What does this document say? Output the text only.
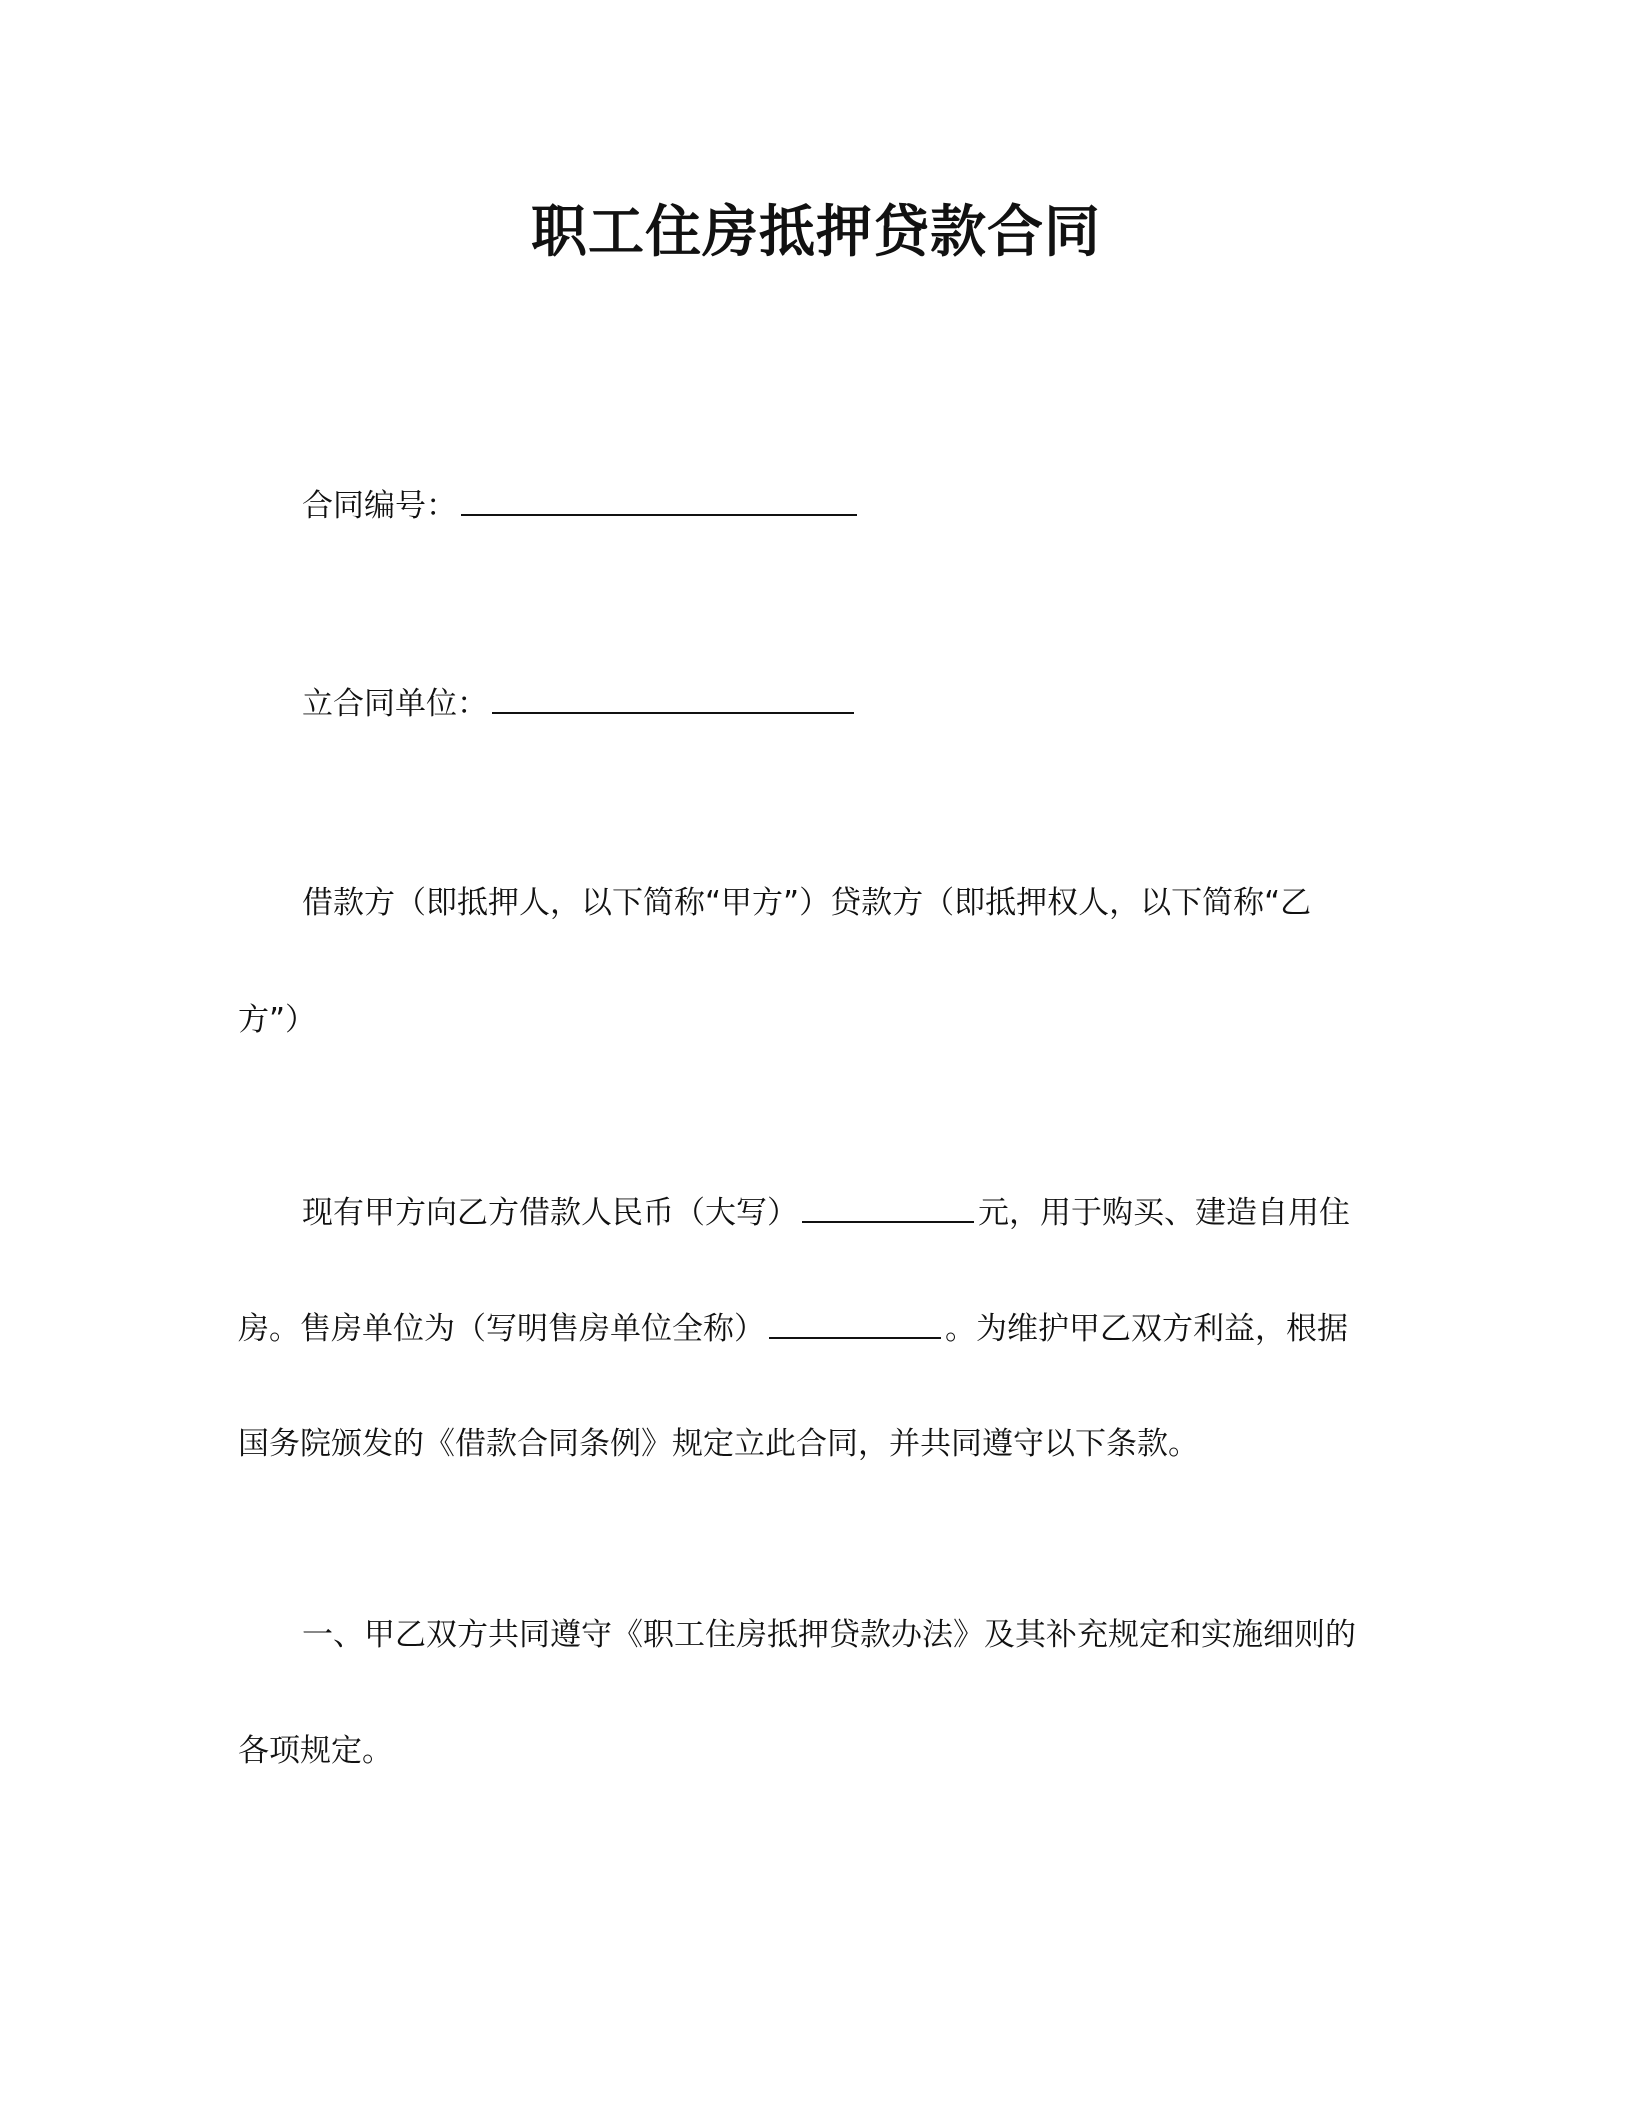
职工住房抵押贷款合同
合同编号：
立合同单位：
借款方（即抵押人，以下简称“甲方”）贷款方（即抵押权人，以下简称“乙
方”）
现有甲方向乙方借款人民币（大写）	元，用于购买、建造自用住
房。售房单位为（写明售房单位全称）	。为维护甲乙双方利益，根据
国务院颁发的《借款合同条例》规定立此合同，并共同遵守以下条款。
一、甲乙双方共同遵守《职工住房抵押贷款办法》及其补充规定和实施细则的
各项规定。
